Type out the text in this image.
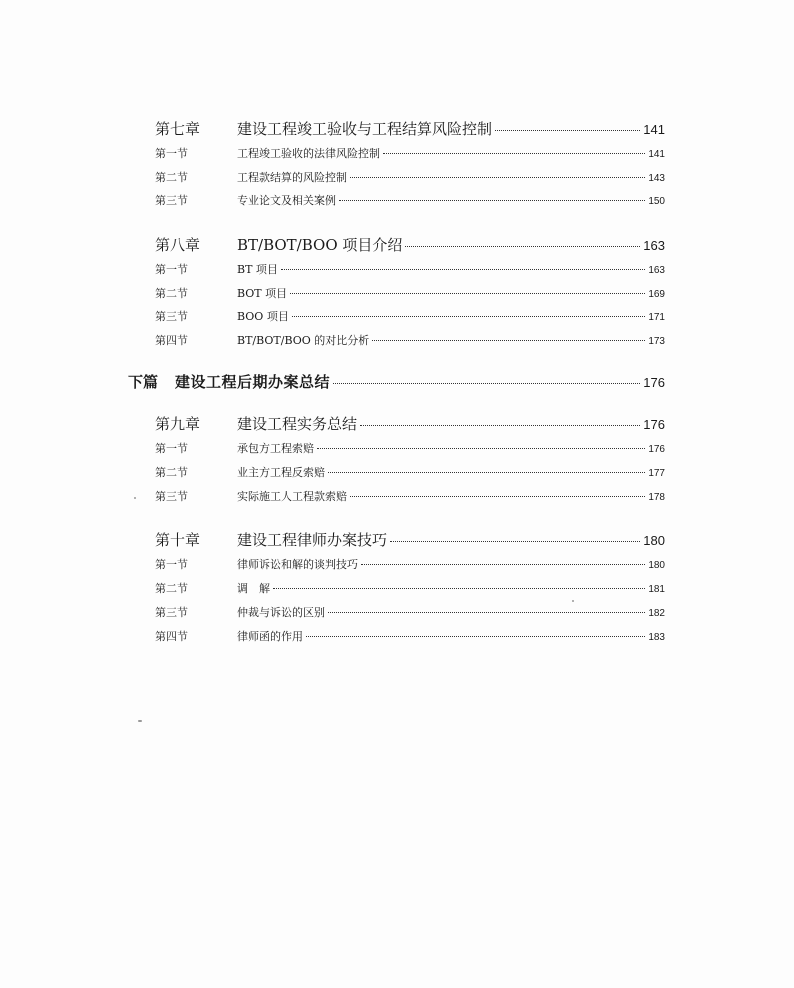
第七章	建设工程竣工验收与工程结算风险控制	141
第一节	工程竣工验收的法律风险控制	141
第二节	工程款结算的风险控制	143
第三节	专业论文及相关案例	150
第八章	BT/BOT/BOO 项目介绍	163
第一节	BT 项目	163
第二节	BOT 项目	169
第三节	BOO 项目	171
第四节	BT/BOT/BOO 的对比分析	173
下篇	建设工程后期办案总结	176
第九章	建设工程实务总结	176
第一节	承包方工程索赔	176
第二节	业主方工程反索赔	177
第三节	实际施工人工程款索赔	178
第十章	建设工程律师办案技巧	180
第一节	律师诉讼和解的谈判技巧	180
第二节	调　解	181
第三节	仲裁与诉讼的区别	182
第四节	律师函的作用	183
